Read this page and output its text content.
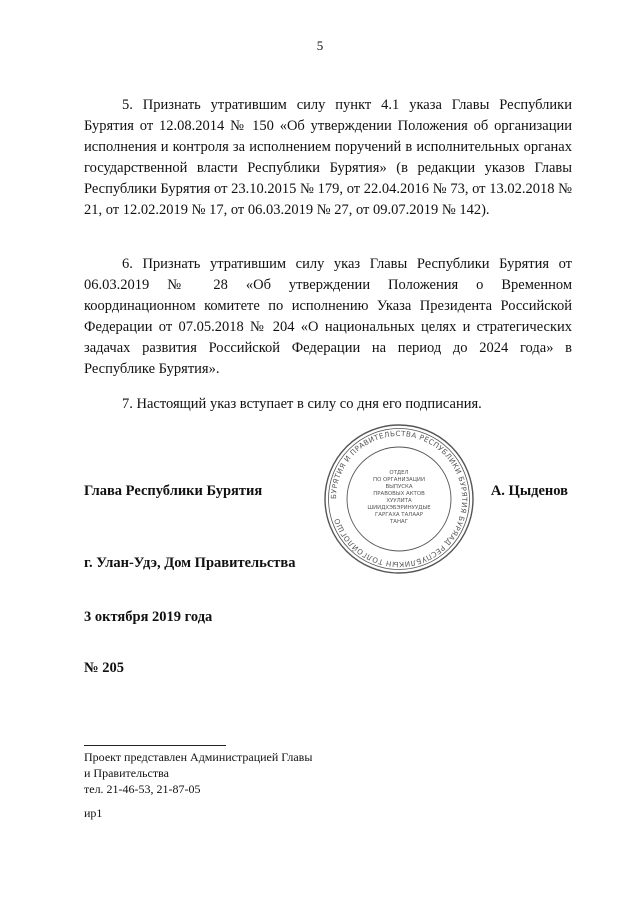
5

5. Признать утратившим силу пункт 4.1 указа Главы Республики Бурятия от 12.08.2014 № 150 «Об утверждении Положения об организации исполнения и контроля за исполнением поручений в исполнительных органах государственной власти Республики Бурятия» (в редакции указов Главы Республики Бурятия от 23.10.2015 № 179, от 22.04.2016 № 73, от 13.02.2018 № 21, от 12.02.2019 № 17, от 06.03.2019 № 27, от 09.07.2019 № 142).

6. Признать утратившим силу указ Главы Республики Бурятия от 06.03.2019 № 28 «Об утверждении Положения о Временном координационном комитете по исполнению Указа Президента Российской Федерации от 07.05.2018 № 204 «О национальных целях и стратегических задачах развития Российской Федерации на период до 2024 года» в Республике Бурятия».

7. Настоящий указ вступает в силу со дня его подписания.

БУРЯТИЯ И ПРАВИТЕЛЬСТВА РЕСПУБЛИКИ БУРЯТИЯ БУРЯАД РЕСПУБЛИКЫН ТОЛГОЙЛОГШО
ОТДЕЛ
ПО ОРГАНИЗАЦИИ
ВЫПУСКА
ПРАВОВЫХ АКТОВ
ХУУЛИТА
ШИИДХЭБЭРИНУУДЫЕ
ГАРГАХА ТАЛААР
ТАНАГ
Глава Республики Бурятия	А. Цыденов
г. Улан-Удэ, Дом Правительства
3 октября 2019 года
№ 205
Проект представлен Администрацией Главы
и Правительства
тел. 21-46-53, 21-87-05
ир1
